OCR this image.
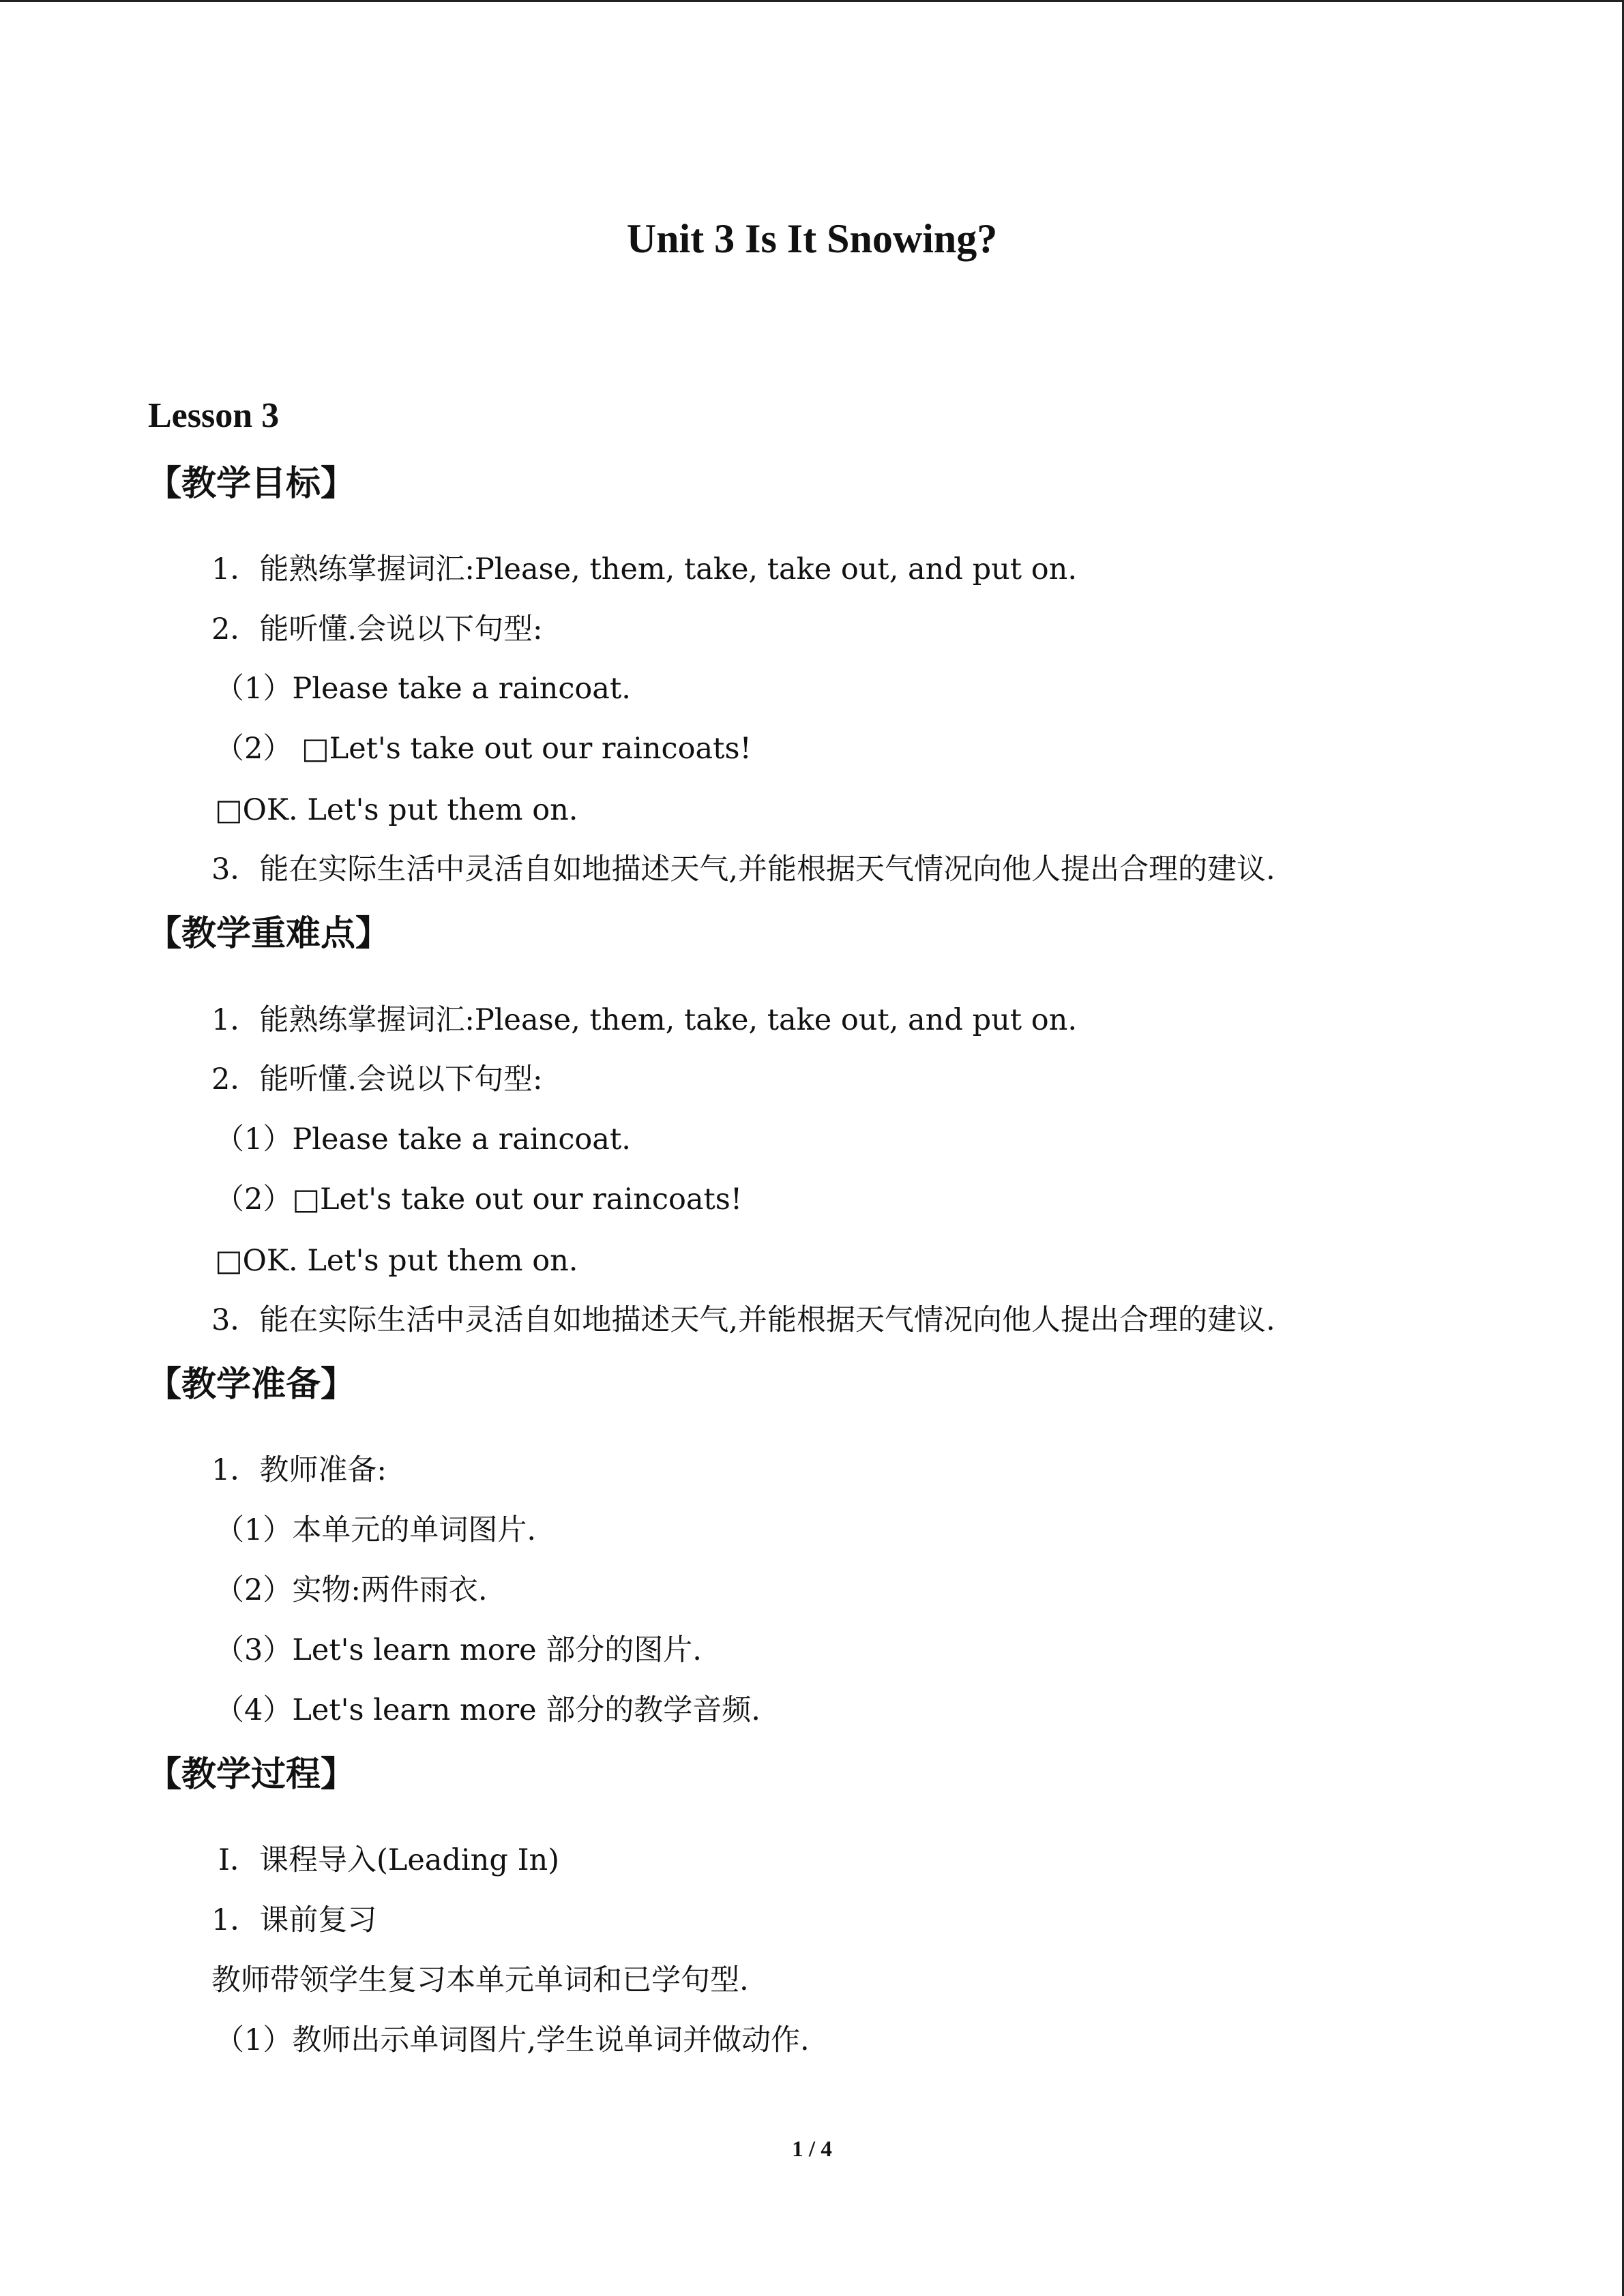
Unit 3 Is It Snowing?
Lesson 3
【教学目标】
1．能熟练掌握词汇:Please, them, take, take out, and put on.
2．能听懂.会说以下句型:
（1）Please take a raincoat.
（2） □Let's take out our raincoats!
□OK. Let's put them on.
3．能在实际生活中灵活自如地描述天气,并能根据天气情况向他人提出合理的建议.
【教学重难点】
1．能熟练掌握词汇:Please, them, take, take out, and put on.
2．能听懂.会说以下句型:
（1）Please take a raincoat.
（2）□Let's take out our raincoats!
□OK. Let's put them on.
3．能在实际生活中灵活自如地描述天气,并能根据天气情况向他人提出合理的建议.
【教学准备】
1．教师准备:
（1）本单元的单词图片.
（2）实物:两件雨衣.
（3）Let's learn more 部分的图片.
（4）Let's learn more 部分的教学音频.
【教学过程】
Ⅰ．课程导入(Leading In)
1．课前复习
教师带领学生复习本单元单词和已学句型.
（1）教师出示单词图片,学生说单词并做动作.
1 / 4
